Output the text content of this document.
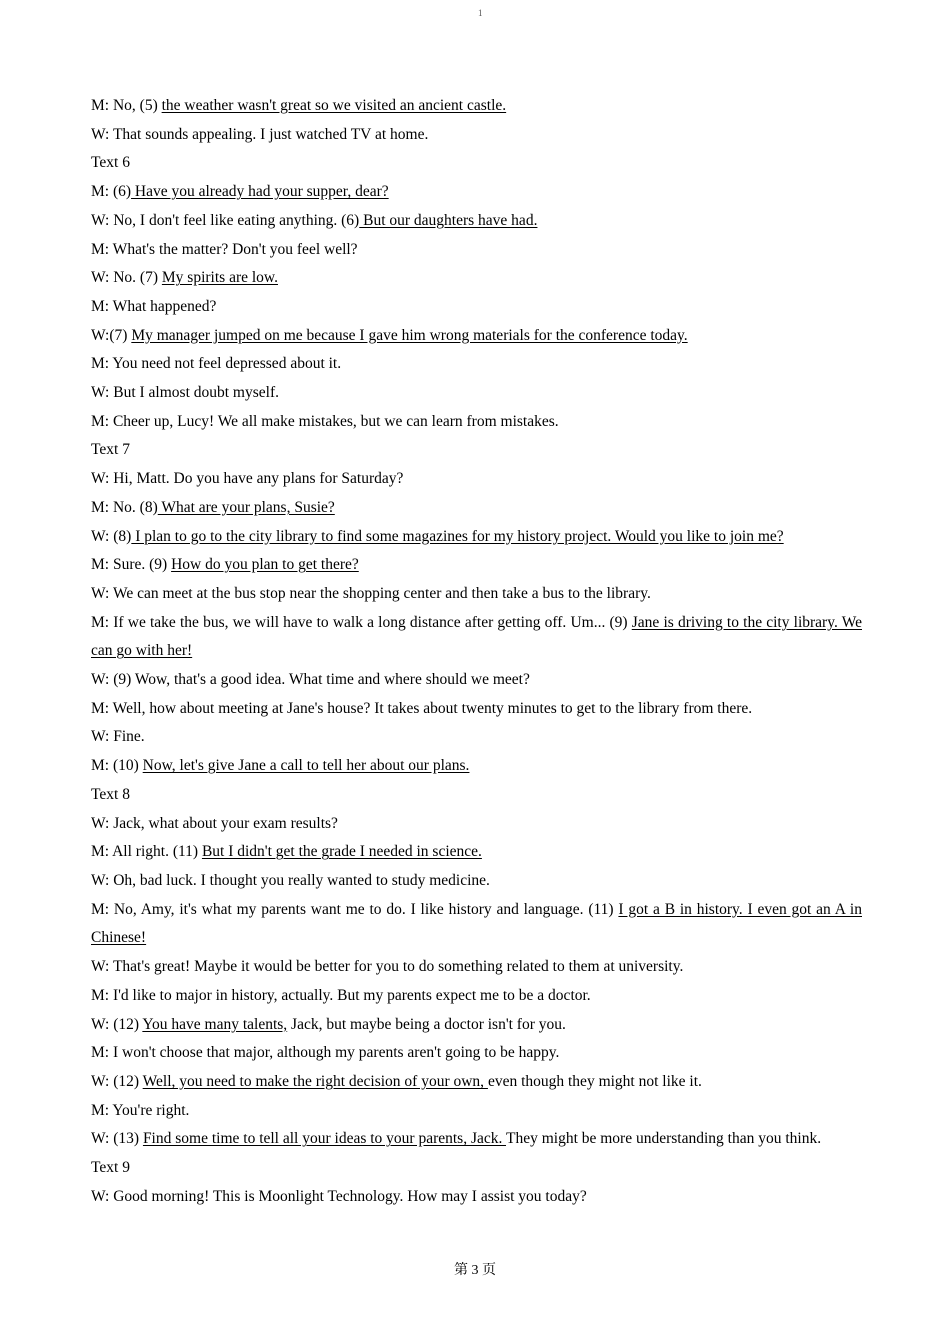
1

M: No, (5) the weather wasn't great so we visited an ancient castle.

W: That sounds appealing. I just watched TV at home.

Text 6

M: (6) Have you already had your supper, dear?

W: No, I don't feel like eating anything. (6) But our daughters have had.

M: What's the matter? Don't you feel well?

W: No. (7) My spirits are low.

M: What happened?

W:(7) My manager jumped on me because I gave him wrong materials for the conference today.

M: You need not feel depressed about it.

W: But I almost doubt myself.

M: Cheer up, Lucy! We all make mistakes, but we can learn from mistakes.

Text 7

W: Hi, Matt. Do you have any plans for Saturday?

M: No. (8) What are your plans, Susie?

W: (8) I plan to go to the city library to find some magazines for my history project. Would you like to join me?

M: Sure. (9) How do you plan to get there?

W: We can meet at the bus stop near the shopping center and then take a bus to the library.

M: If we take the bus, we will have to walk a long distance after getting off. Um... (9) Jane is driving to the city library. We can go with her!

W: (9) Wow, that's a good idea. What time and where should we meet?

M: Well, how about meeting at Jane's house? It takes about twenty minutes to get to the library from there.

W: Fine.

M: (10) Now, let's give Jane a call to tell her about our plans.

Text 8

W: Jack, what about your exam results?

M: All right. (11) But I didn't get the grade I needed in science.

W: Oh, bad luck. I thought you really wanted to study medicine.

M: No, Amy, it's what my parents want me to do. I like history and language. (11) I got a B in history. I even got an A in Chinese!

W: That's great! Maybe it would be better for you to do something related to them at university.

M: I'd like to major in history, actually. But my parents expect me to be a doctor.

W: (12) You have many talents, Jack, but maybe being a doctor isn't for you.

M: I won't choose that major, although my parents aren't going to be happy.

W: (12) Well, you need to make the right decision of your own, even though they might not like it.

M: You're right.

W: (13) Find some time to tell all your ideas to your parents, Jack. They might be more understanding than you think.

Text 9

W: Good morning! This is Moonlight Technology. How may I assist you today?

第 3 页
